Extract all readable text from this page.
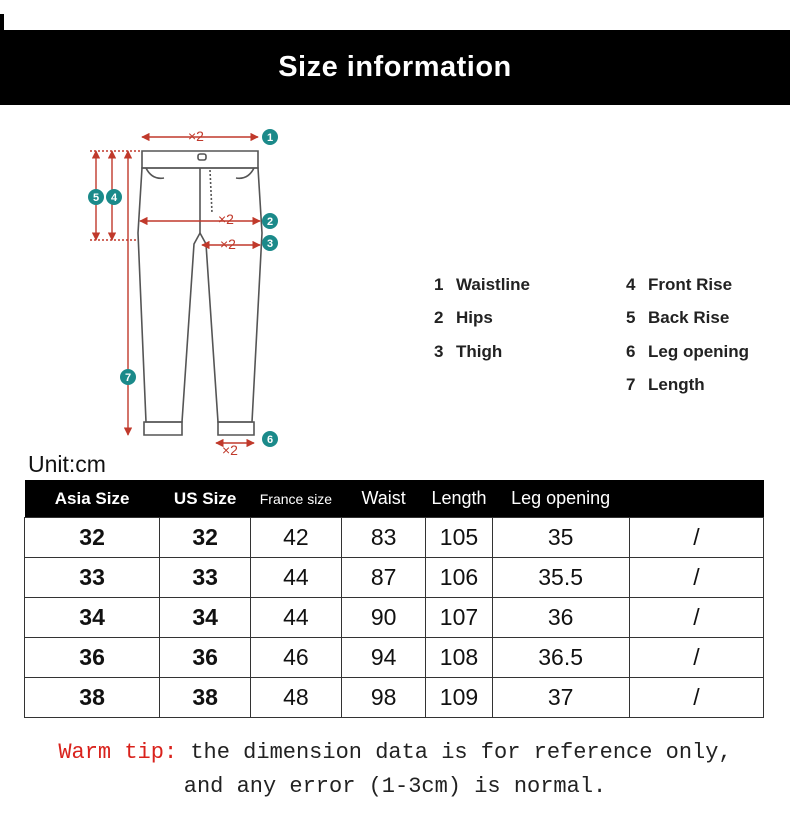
Size information
×2
×2
×2
×2
1
2
3
4
5
6
7
1 Waistline
2 Hips
3 Thigh
4 Front Rise
5 Back Rise
6 Leg opening
7 Length
Unit:cm
Asia Size	US Size	France size	Waist	Length	Leg opening	
32	32	42	83	105	35	/
33	33	44	87	106	35.5	/
34	34	44	90	107	36	/
36	36	46	94	108	36.5	/
38	38	48	98	109	37	/
Warm tip: the dimension data is for reference only,
and any error (1-3cm) is normal.
